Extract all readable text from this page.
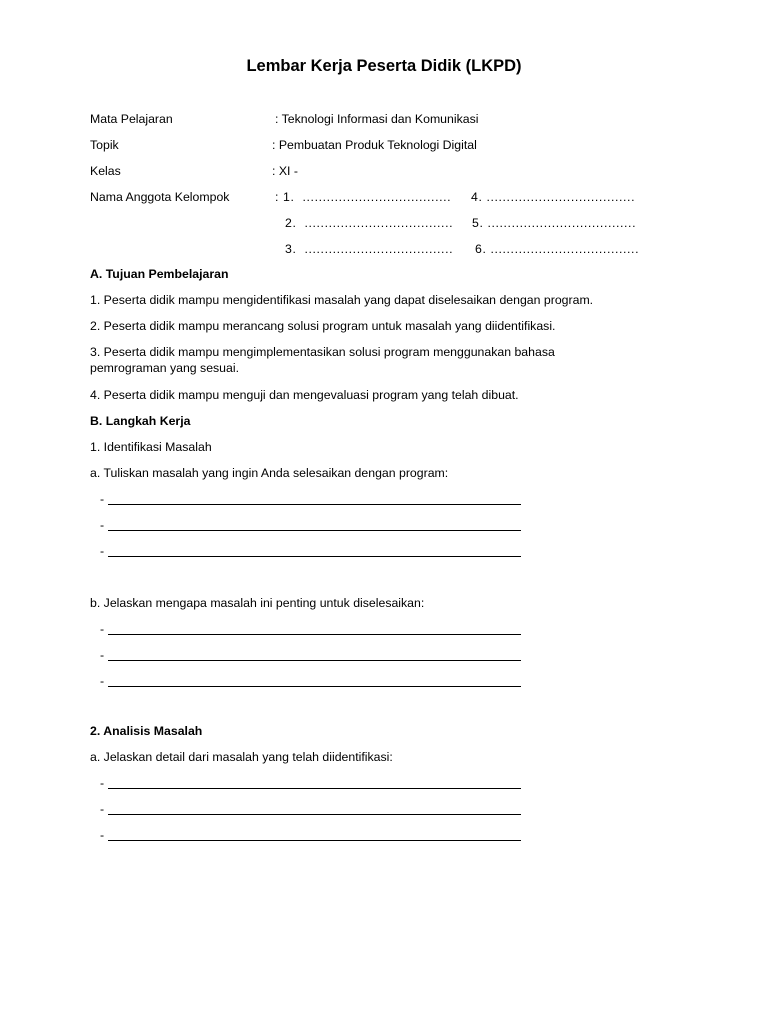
Lembar Kerja Peserta Didik (LKPD)
Mata Pelajaran	: Teknologi Informasi dan Komunikasi
Topik	: Pembuatan Produk Teknologi Digital
Kelas	: XI -
Nama Anggota Kelompok	: 1.  ..................................... 4. .....................................
2.  ..................................... 5. .....................................
3.  ..................................... 6. .....................................
A. Tujuan Pembelajaran
1. Peserta didik mampu mengidentifikasi masalah yang dapat diselesaikan dengan program.
2. Peserta didik mampu merancang solusi program untuk masalah yang diidentifikasi.
3. Peserta didik mampu mengimplementasikan solusi program menggunakan bahasa
pemrograman yang sesuai.
4. Peserta didik mampu menguji dan mengevaluasi program yang telah dibuat.
B. Langkah Kerja
1. Identifikasi Masalah
a. Tuliskan masalah yang ingin Anda selesaikan dengan program:
-
-
-
b. Jelaskan mengapa masalah ini penting untuk diselesaikan:
-
-
-
2. Analisis Masalah
a. Jelaskan detail dari masalah yang telah diidentifikasi:
-
-
-
